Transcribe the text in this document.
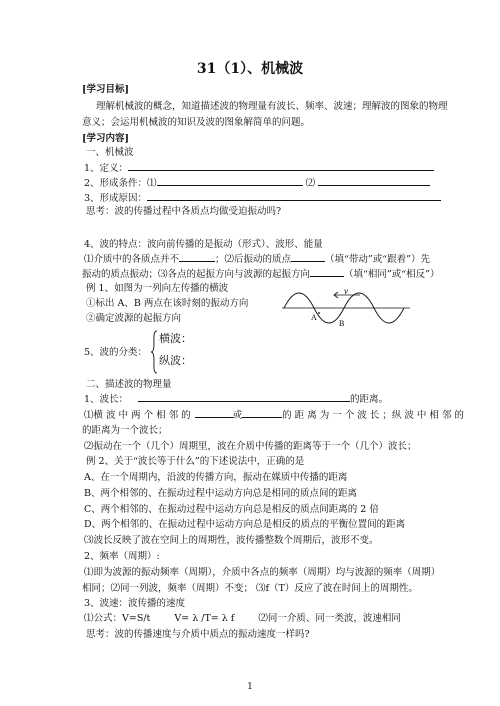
31（1）、机械波
[学习目标]
理解机械波的概念，知道描述波的物理量有波长、频率、波速；理解波的图象的物理
意义；会运用机械波的知识及波的图象解简单的问题。
[学习内容]
一、机械波
1、定义：
2、形成条件：⑴	⑵
3、形成原因：
思考：波的传播过程中各质点均做受迫振动吗?
4、波的特点：波向前传播的是振动（形式）、波形、能量
⑴介质中的各质点并不	；⑵后振动的质点	（填“带动”或“跟着”）先
振动的质点振动；⑶各点的起振方向与波源的起振方向	（填“相同”或“相反”）
例 1、如图为一列向左传播的横波
①标出 A、B 两点在该时刻的振动方向
②确定波源的起振方向
v
A
B
5、波的分类：
横波：
纵波：
二、描述波的物理量
1、波长：	的距离。
⑴横 波 中 两 个 相 邻 的	或	的 距 离 为 一 个 波 长 ；纵 波 中 相 邻 的
的距离为一个波长；
⑵振动在一个（几个）周期里，波在介质中传播的距离等于一个（几个）波长；
例 2、关于“波长等于什么”的下述说法中，正确的是
A、在一个周期内，沿波的传播方向，振动在媒质中传播的距离
B、两个相邻的、在振动过程中运动方向总是相同的质点间的距离
C、两个相邻的、在振动过程中运动方向总是相反的质点间距离的 2 倍
D、两个相邻的、在振动过程中运动方向总是相反的质点的平衡位置间的距离
⑶波长反映了波在空间上的周期性，波传播整数个周期后，波形不变。
2、频率（周期）:
⑴即为波源的振动频率（周期），介质中各点的频率（周期）均与波源的频率（周期）
相同；⑵同一列波，频率（周期）不变； ⑶f（T）反应了波在时间上的周期性。
3、波速：波传播的速度
⑴公式：V=S/t	V= λ /T= λ f	⑵同一介质、同一类波，波速相同
思考：波的传播速度与介质中质点的振动速度一样吗?
1
